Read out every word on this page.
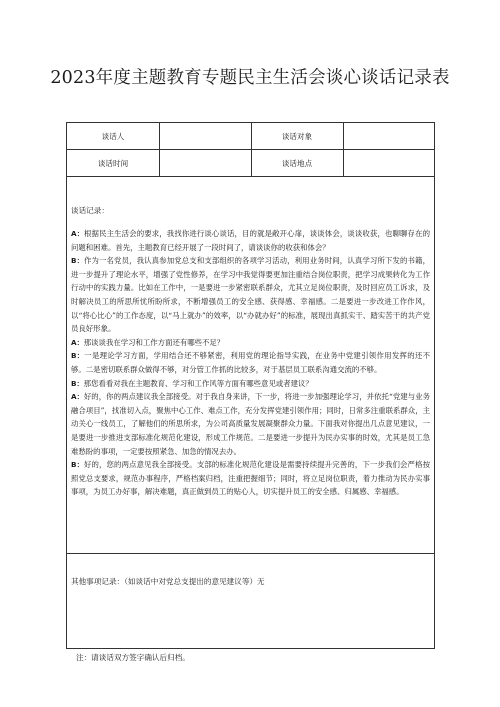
2023年度主题教育专题民主生活会谈心谈话记录表
谈话人	谈话对象
谈话时间	谈话地点
谈话记录：

A：根据民主生活会的要求，我找你进行谈心谈话，目的就是敞开心扉，谈谈体会，谈谈收获，也聊聊存在的问题和困难。首先，主题教育已经开展了一段时间了，请谈谈你的收获和体会？

B：作为一名党员，我认真参加党总支和支部组织的各项学习活动，利用业务时间，认真学习所下发的书籍，进一步提升了理论水平，增强了党性修养，在学习中我觉得要更加注重结合岗位职责，把学习成果转化为工作行动中的实践力量。比如在工作中，一是要进一步紧密联系群众，尤其立足岗位职责，及时回应员工诉求，及时解决员工的所思所忧所盼所求，不断增强员工的安全感、获得感、幸福感。二是要进一步改进工作作风，以“将心比心”的工作态度，以“马上就办”的效率，以“办就办好”的标准，展现出真抓实干、踏实苦干的共产党员良好形象。

A：那谈谈我在学习和工作方面还有哪些不足？

B：一是理论学习方面，学用结合还不够紧密，利用党的理论指导实践，在业务中党建引领作用发挥的还不够。二是密切联系群众做得不够，对分管工作抓的比较多，对于基层员工联系沟通交流的不够。

B：那您看看对我在主题教育、学习和工作风等方面有哪些意见或者建议？

A：好的，你的两点建议我全部接受。对于我自身来讲，下一步，将进一步加强理论学习，并依托“党建与业务融合项目”，找准切入点，聚焦中心工作、难点工作，充分发挥党建引领作用；同时，日常多注重联系群众，主动关心一线员工，了解他们的所思所求，为公司高质量发展凝聚群众力量。下面我对你提出几点意见建议，一是要进一步推进支部标准化规范化建设，形成工作规范。二是要进一步提升为民办实事的时效，尤其是员工急难愁盼的事项，一定要按照紧急、加急的情况去办。

B：好的，您的两点意见我全部接受。支部的标准化规范化建设是需要持续提升完善的，下一步我们会严格按照党总支要求，规范办事程序，严格档案归档，注重把握细节；同时，将立足岗位职责，着力推动为民办实事事项，为员工办好事，解决难题，真正做到员工的贴心人，切实提升员工的安全感、归属感、幸福感。

其他事项记录：（如谈话中对党总支提出的意见建议等）无
注：请谈话双方签字确认后归档。
